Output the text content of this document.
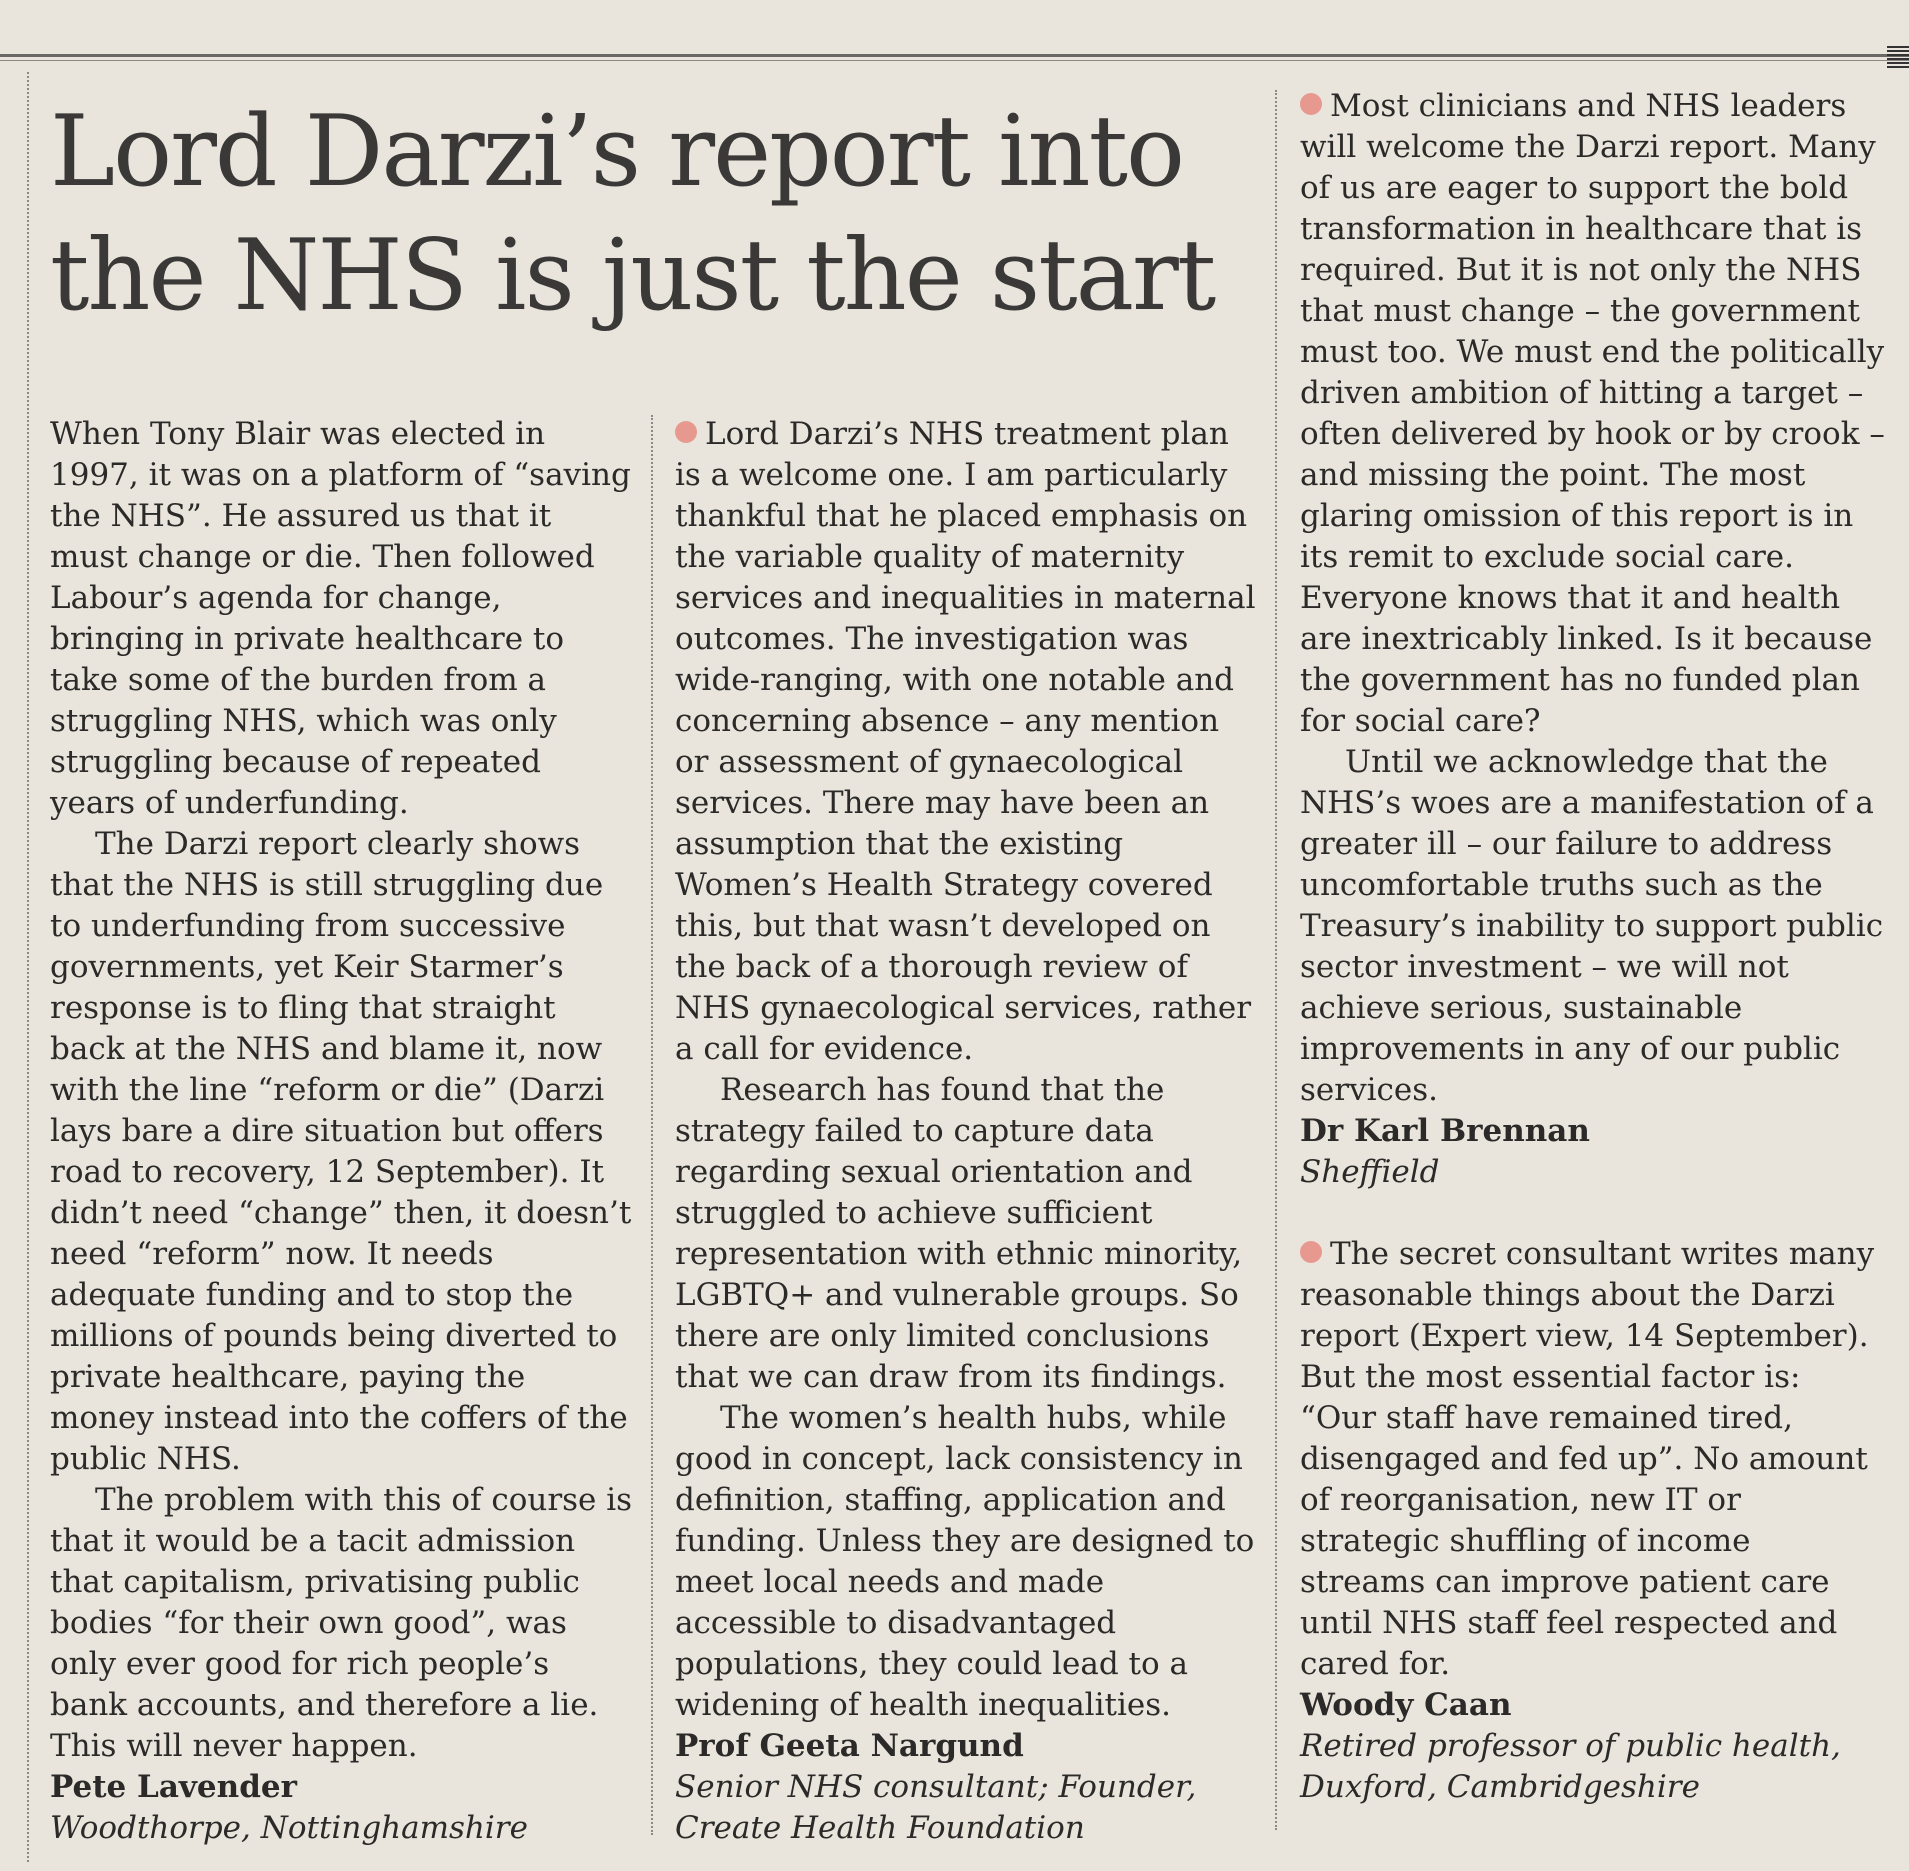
Lord Darzi’s report into
the NHS is just the start

When Tony Blair was elected in 1997, it was on a platform of “saving the NHS”. He assured us that it must change or die. Then followed Labour’s agenda for change, bringing in private healthcare to take some of the burden from a struggling NHS, which was only struggling because of repeated years of underfunding.

The Darzi report clearly shows that the NHS is still struggling due to underfunding from successive governments, yet Keir Starmer’s response is to fling that straight back at the NHS and blame it, now with the line “reform or die” (Darzi lays bare a dire situation but offers road to recovery, 12 September). It didn’t need “change” then, it doesn’t need “reform” now. It needs adequate funding and to stop the millions of pounds being diverted to private healthcare, paying the money instead into the coffers of the public NHS.

The problem with this of course is that it would be a tacit admission that capitalism, privatising public bodies “for their own good”, was only ever good for rich people’s bank accounts, and therefore a lie. This will never happen.

Pete Lavender

Woodthorpe, Nottinghamshire

Lord Darzi’s NHS treatment plan is a welcome one. I am particularly thankful that he placed emphasis on the variable quality of maternity services and inequalities in maternal outcomes. The investigation was wide-ranging, with one notable and concerning absence – any mention or assessment of gynaecological services. There may have been an assumption that the existing Women’s Health Strategy covered this, but that wasn’t developed on the back of a thorough review of NHS gynaecological services, rather a call for evidence.

Research has found that the strategy failed to capture data regarding sexual orientation and struggled to achieve sufficient representation with ethnic minority, LGBTQ+ and vulnerable groups. So there are only limited conclusions that we can draw from its findings.

The women’s health hubs, while good in concept, lack consistency in definition, staffing, application and funding. Unless they are designed to meet local needs and made accessible to disadvantaged populations, they could lead to a widening of health inequalities.

Prof Geeta Nargund

Senior NHS consultant; Founder, Create Health Foundation

Most clinicians and NHS leaders will welcome the Darzi report. Many of us are eager to support the bold transformation in healthcare that is required. But it is not only the NHS that must change – the government must too. We must end the politically driven ambition of hitting a target – often delivered by hook or by crook – and missing the point. The most glaring omission of this report is in its remit to exclude social care. Everyone knows that it and health are inextricably linked. Is it because the government has no funded plan for social care?

Until we acknowledge that the NHS’s woes are a manifestation of a greater ill – our failure to address uncomfortable truths such as the Treasury’s inability to support public sector investment – we will not achieve serious, sustainable improvements in any of our public services.

Dr Karl Brennan

Sheffield

The secret consultant writes many reasonable things about the Darzi report (Expert view, 14 September). But the most essential factor is: “Our staff have remained tired, disengaged and fed up”. No amount of reorganisation, new IT or strategic shuffling of income streams can improve patient care until NHS staff feel respected and cared for.

Woody Caan

Retired professor of public health, Duxford, Cambridgeshire
